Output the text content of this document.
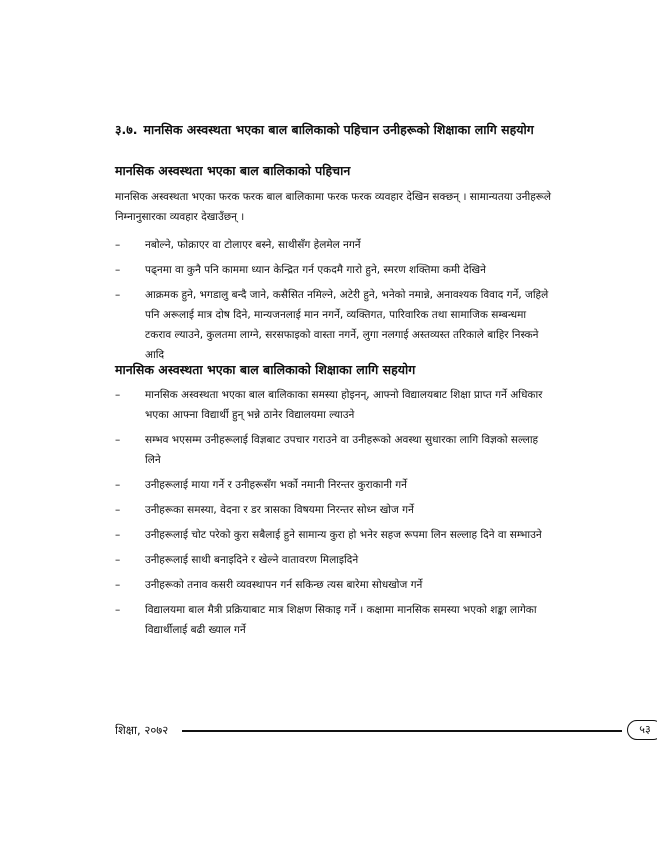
३.७. मानसिक अस्वस्थता भएका बाल बालिकाको पहिचान उनीहरूको शिक्षाका लागि सहयोग
मानसिक अस्वस्थता भएका बाल बालिकाको पहिचान
मानसिक अस्वस्थता भएका फरक फरक बाल बालिकामा फरक फरक व्यवहार देखिन सक्छन् । सामान्यतया उनीहरूले निम्नानुसारका व्यवहार देखाउँछन् ।
– नबोल्ने, फोक्राएर वा टोलाएर बस्ने, साथीसँग हेलमेल नगर्ने
– पढ्नमा वा कुनै पनि काममा ध्यान केन्द्रित गर्न एकदमै गारो हुने, स्मरण शक्तिमा कमी देखिने
– आक्रमक हुने, भगडालु बन्दै जाने, कसैसित नमिल्ने, अटेरी हुने, भनेको नमान्ने, अनावश्यक विवाद गर्ने, जहिले पनि अरूलाई मात्र दोष दिने, मान्यजनलाई मान नगर्ने, व्यक्तिगत, पारिवारिक तथा सामाजिक सम्बन्धमा टकराव ल्याउने, कुलतमा लाग्ने, सरसफाइको वास्ता नगर्ने, लुगा नलगाई अस्तव्यस्त तरिकाले बाहिर निस्कने आदि
मानसिक अस्वस्थता भएका बाल बालिकाको शिक्षाका लागि सहयोग
– मानसिक अस्वस्थता भएका बाल बालिकाका समस्या होइनन्, आफ्नो विद्यालयबाट शिक्षा प्राप्त गर्ने अधिकार भएका आफ्ना विद्यार्थी हुन् भन्ने ठानेर विद्यालयमा ल्याउने
– सम्भव भएसम्म उनीहरूलाई विज्ञबाट उपचार गराउने वा उनीहरूको अवस्था सुधारका लागि विज्ञको सल्लाह लिने
– उनीहरूलाई माया गर्ने र उनीहरूसँग भर्को नमानी निरन्तर कुराकानी गर्ने
– उनीहरूका समस्या, वेदना र डर त्रासका विषयमा निरन्तर सोध्न खोज गर्ने
– उनीहरूलाई चोट परेको कुरा सबैलाई हुने सामान्य कुरा हो भनेर सहज रूपमा लिन सल्लाह दिने वा सम्भाउने
– उनीहरूलाई साथी बनाइदिने र खेल्ने वातावरण मिलाइदिने
– उनीहरूको तनाव कसरी व्यवस्थापन गर्न सकिन्छ त्यस बारेमा सोधखोज गर्ने
– विद्यालयमा बाल मैत्री प्रक्रियाबाट मात्र शिक्षण सिकाइ गर्ने । कक्षामा मानसिक समस्या भएको शङ्का लागेका विद्यार्थीलाई बढी ख्याल गर्ने
शिक्षा, २०७२	५३
